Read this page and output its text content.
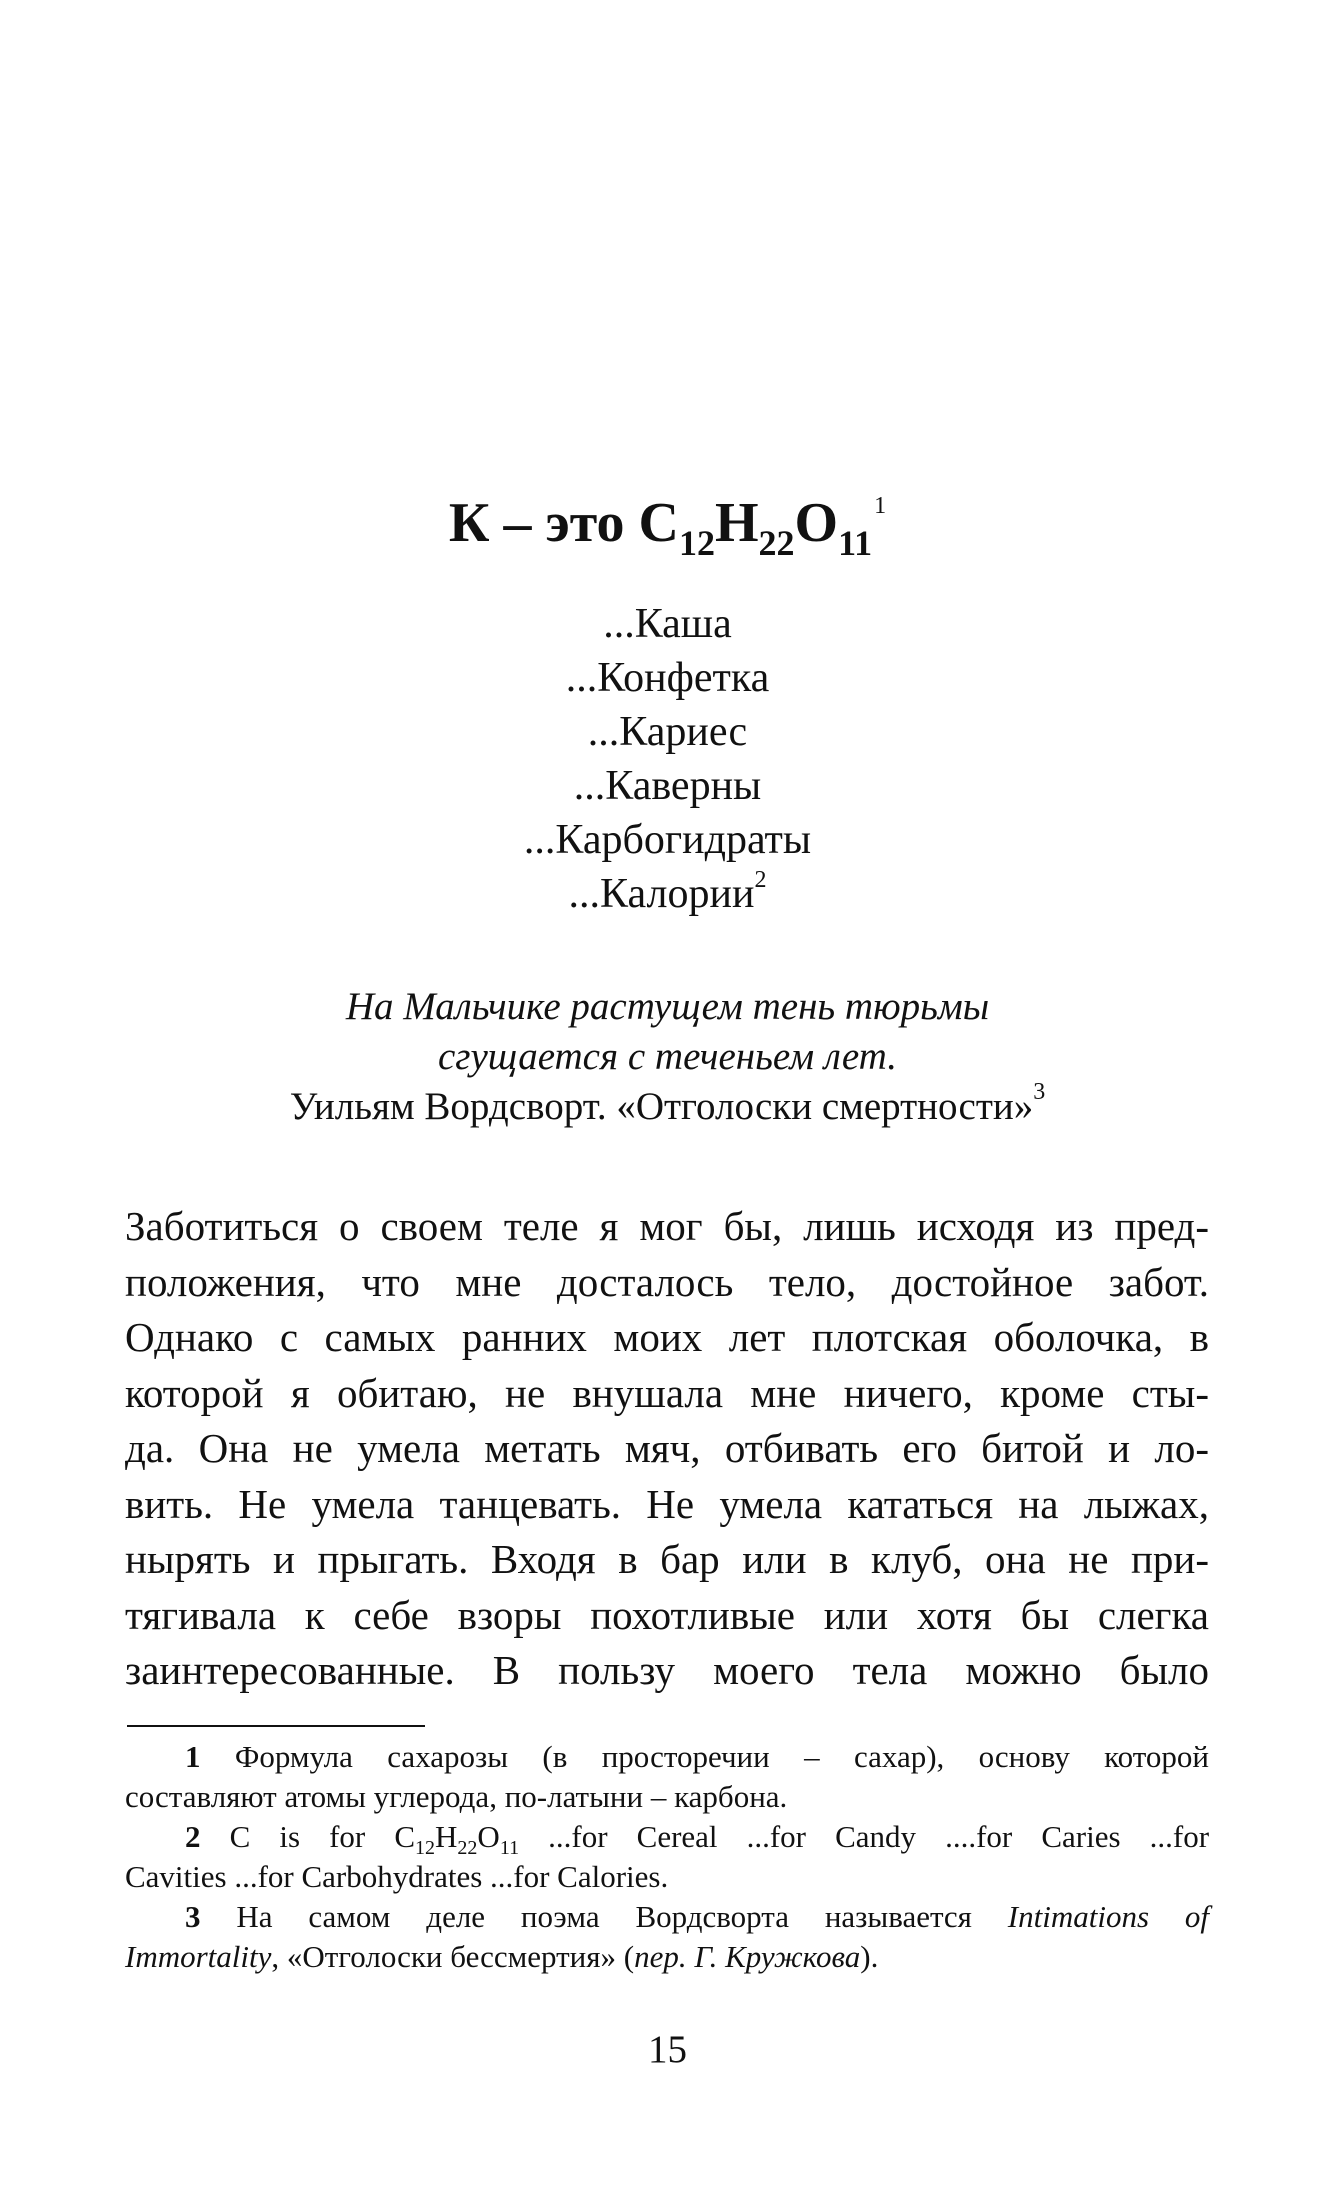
К – это $C_{12}H_{22}O_{11}^1$
...Каша
...Конфетка
...Кариес
...Каверны
...Карбогидраты
...Калории$^2$
На Мальчике растущем тень тюрьмы
сгущается с теченьем лет.
Уильям Вордсворт. «Отголоски смертности»$^3$
Заботиться о своем теле я мог бы, лишь исходя из пред-
положения, что мне досталось тело, достойное забот.
Однако с самых ранних моих лет плотская оболочка, в
которой я обитаю, не внушала мне ничего, кроме сты-
да. Она не умела метать мяч, отбивать его битой и ло-
вить. Не умела танцевать. Не умела кататься на лыжах,
нырять и прыгать. Входя в бар или в клуб, она не при-
тягивала к себе взоры похотливые или хотя бы слегка
заинтересованные. В пользу моего тела можно было
1 Формула сахарозы (в просторечии – сахар), основу которой
составляют атомы углерода, по-латыни – карбона.
2 C is for $C_{12}H_{22}O_{11}$ ...for Cereal ...for Candy ....for Caries ...for
Cavities ...for Carbohydrates ...for Calories.
3 На самом деле поэма Вордсворта называется Intimations of
Immortality, «Отголоски бессмертия» (пер. Г. Кружкова).
15
